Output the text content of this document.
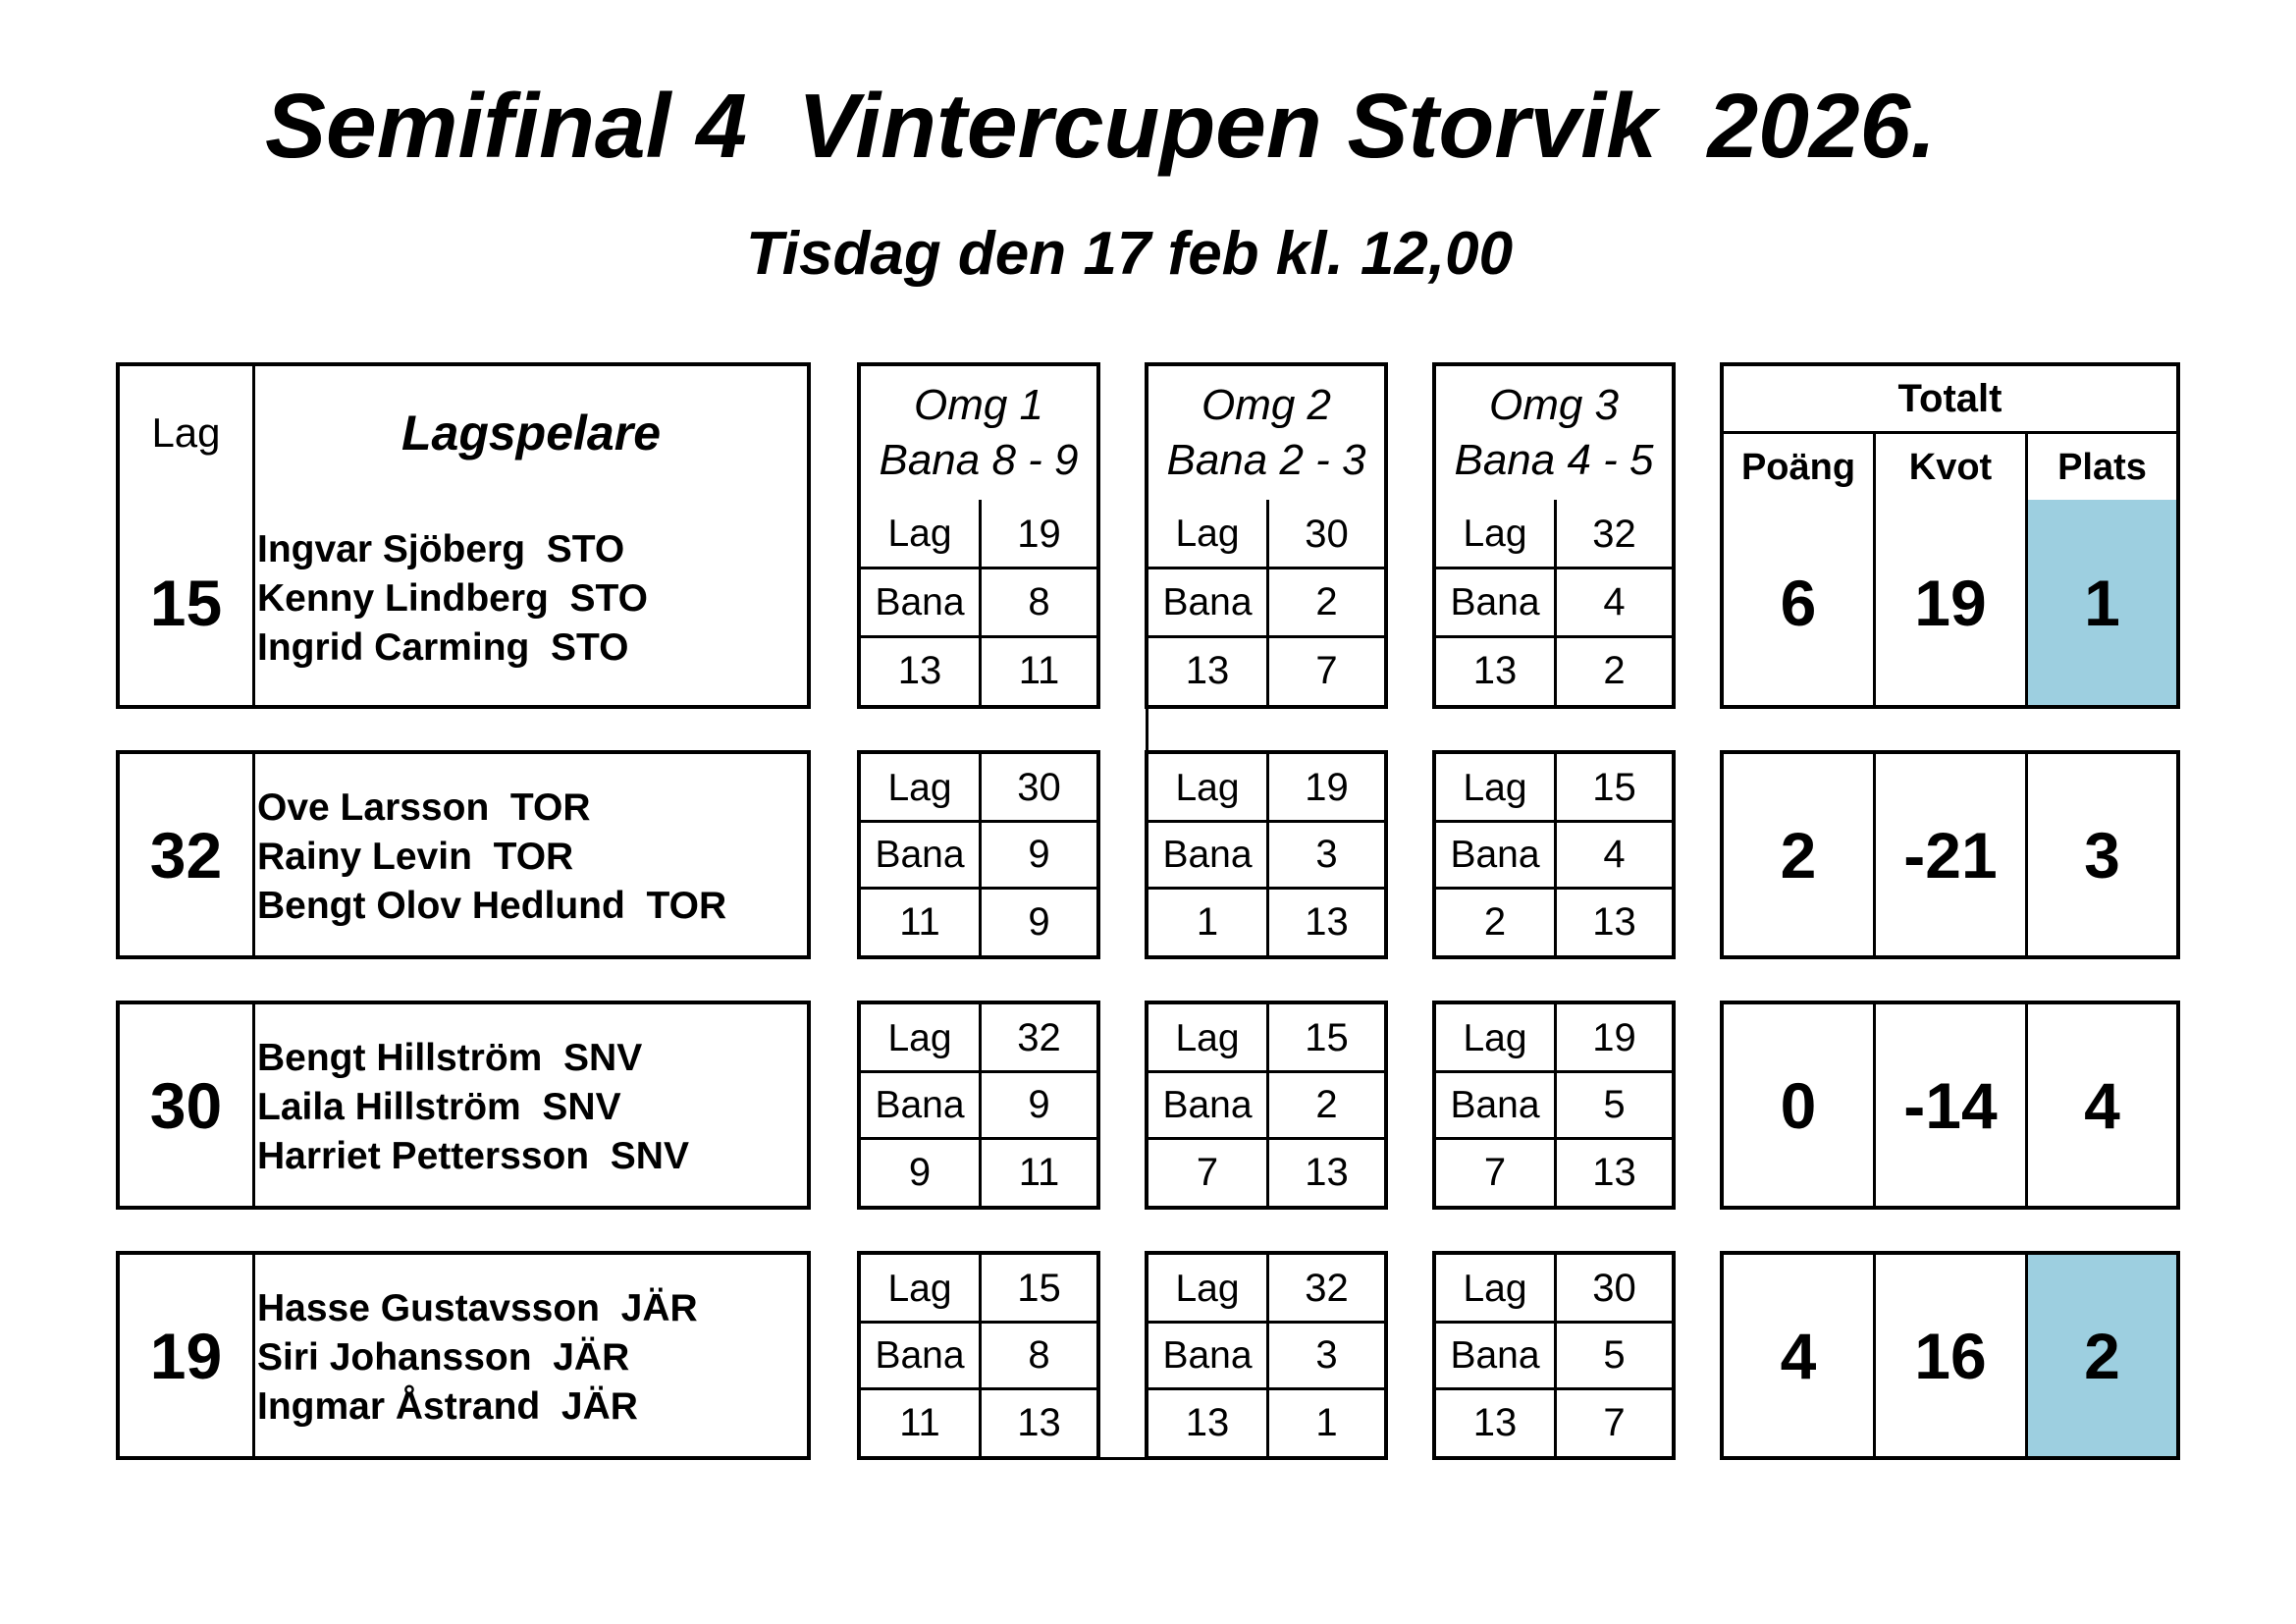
Semifinal 4  Vintercupen Storvik  2026.
Tisdag den 17 feb kl. 12,00
Lag	Lagspelare
Omg 1
Bana 8 - 9
Omg 2
Bana 2 - 3
Omg 3
Bana 4 - 5
Totalt
Poäng	Kvot	Plats
15
Ingvar Sjöberg  STO
Kenny Lindberg  STO
Ingrid Carming  STO
Lag	19
Bana	8
13	11
Lag	30
Bana	2
13	7
Lag	32
Bana	4
13	2
6	19	1
32
Ove Larsson  TOR
Rainy Levin  TOR
Bengt Olov Hedlund  TOR
Lag	30
Bana	9
11	9
Lag	19
Bana	3
1	13
Lag	15
Bana	4
2	13
2	-21	3
30
Bengt Hillström  SNV
Laila Hillström  SNV
Harriet Pettersson  SNV
Lag	32
Bana	9
9	11
Lag	15
Bana	2
7	13
Lag	19
Bana	5
7	13
0	-14	4
19
Hasse Gustavsson  JÄR
Siri Johansson  JÄR
Ingmar Åstrand  JÄR
Lag	15
Bana	8
11	13
Lag	32
Bana	3
13	1
Lag	30
Bana	5
13	7
4	16	2
